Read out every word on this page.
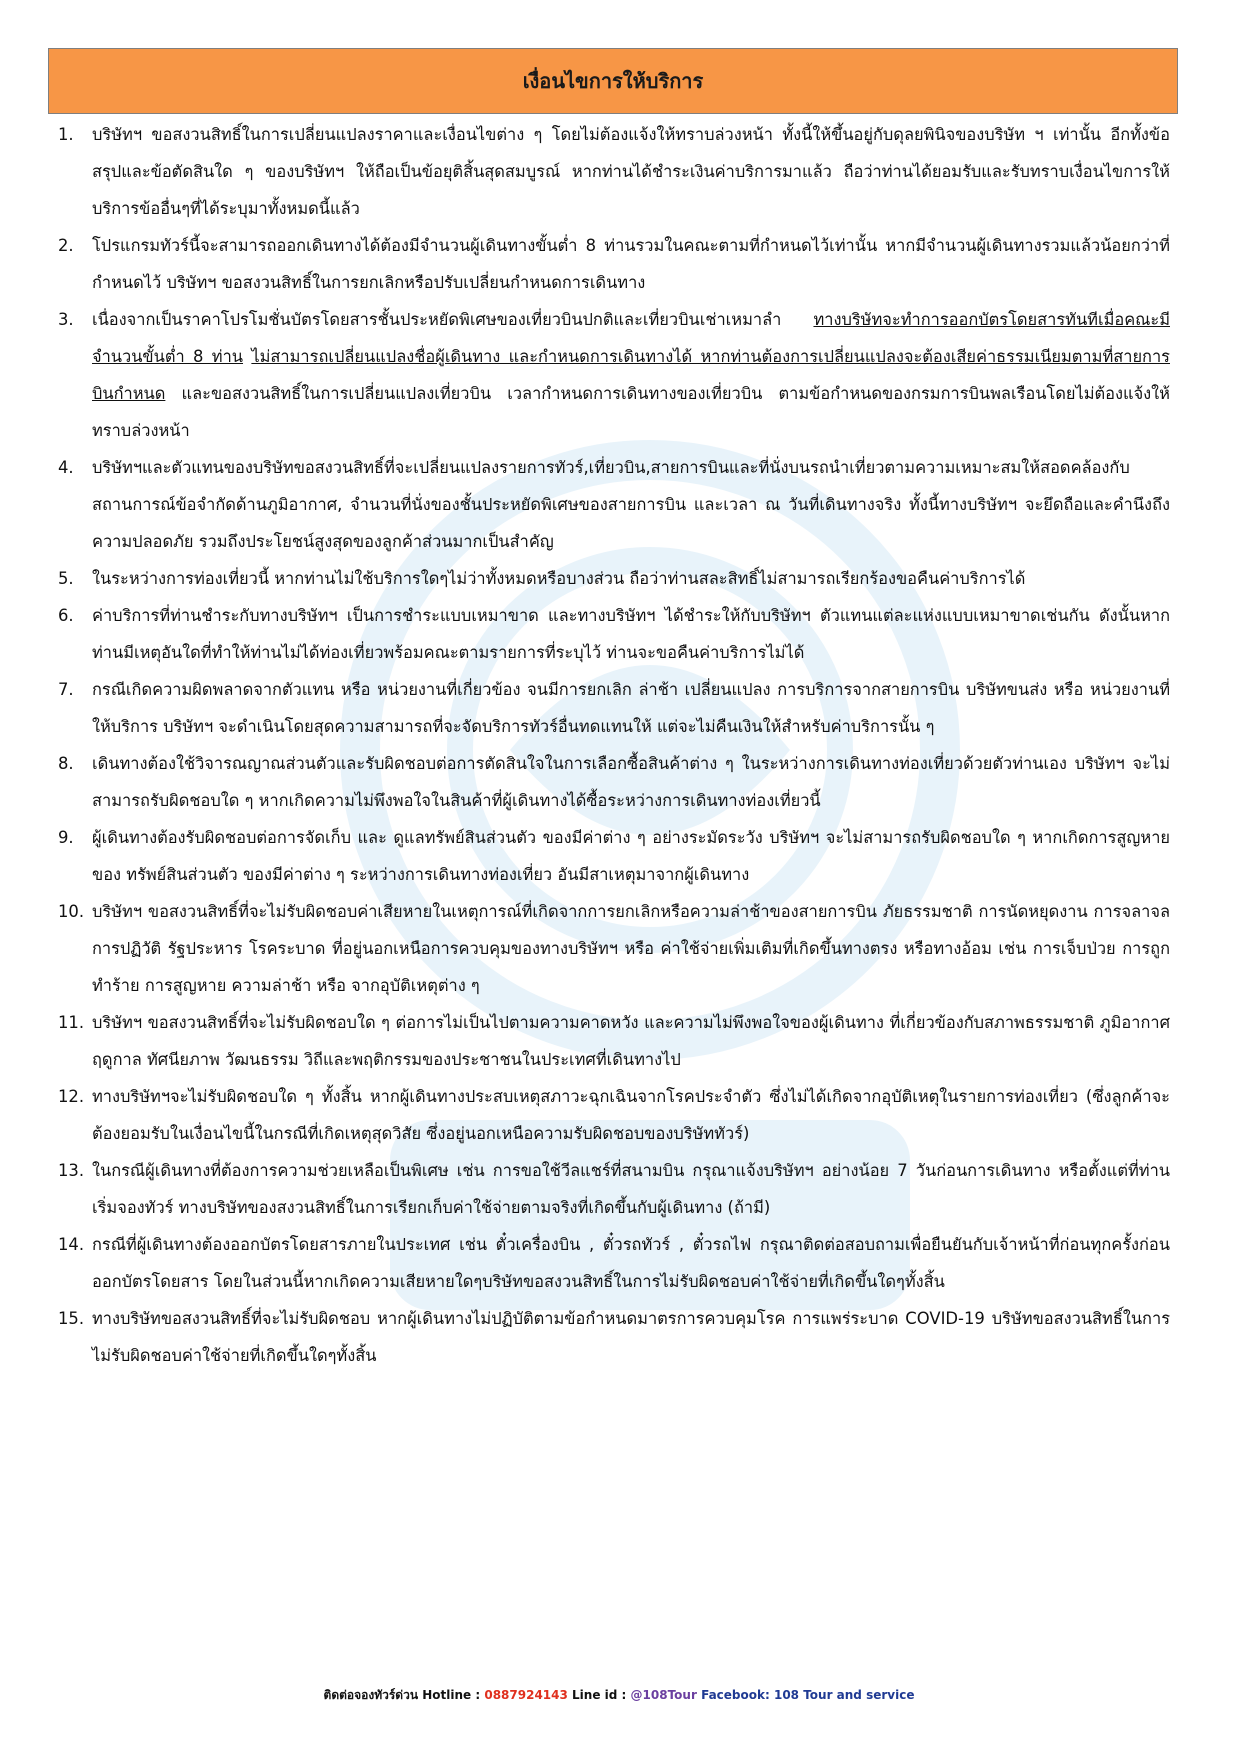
เงื่อนไขการให้บริการ
1.	บริษัทฯ ขอสงวนสิทธิ์ในการเปลี่ยนแปลงราคาและเงื่อนไขต่าง ๆ โดยไม่ต้องแจ้งให้ทราบล่วงหน้า ทั้งนี้ให้ขึ้นอยู่กับดุลยพินิจของบริษัท ฯ เท่านั้น อีกทั้งข้อสรุปและข้อตัดสินใด ๆ ของบริษัทฯ ให้ถือเป็นข้อยุติสิ้นสุดสมบูรณ์ หากท่านได้ชำระเงินค่าบริการมาแล้ว ถือว่าท่านได้ยอมรับและรับทราบเงื่อนไขการให้บริการข้ออื่นๆที่ได้ระบุมาทั้งหมดนี้แล้ว
2.	โปรแกรมทัวร์นี้จะสามารถออกเดินทางได้ต้องมีจำนวนผู้เดินทางขั้นต่ำ 8 ท่านรวมในคณะตามที่กำหนดไว้เท่านั้น หากมีจำนวนผู้เดินทางรวมแล้วน้อยกว่าที่กำหนดไว้ บริษัทฯ ขอสงวนสิทธิ์ในการยกเลิกหรือปรับเปลี่ยนกำหนดการเดินทาง
3.	เนื่องจากเป็นราคาโปรโมชั่นบัตรโดยสารชั้นประหยัดพิเศษของเที่ยวบินปกติและเที่ยวบินเช่าเหมาลำ ทางบริษัทจะทำการออกบัตรโดยสารทันทีเมื่อคณะมีจำนวนขั้นต่ำ 8 ท่าน ไม่สามารถเปลี่ยนแปลงชื่อผู้เดินทาง และกำหนดการเดินทางได้ หากท่านต้องการเปลี่ยนแปลงจะต้องเสียค่าธรรมเนียมตามที่สายการบินกำหนด และขอสงวนสิทธิ์ในการเปลี่ยนแปลงเที่ยวบิน เวลากำหนดการเดินทางของเที่ยวบิน ตามข้อกำหนดของกรมการบินพลเรือนโดยไม่ต้องแจ้งให้ทราบล่วงหน้า
4.	บริษัทฯและตัวแทนของบริษัทขอสงวนสิทธิ์ที่จะเปลี่ยนแปลงรายการทัวร์,เที่ยวบิน,สายการบินและที่นั่งบนรถนำเที่ยวตามความเหมาะสมให้สอดคล้องกับสถานการณ์ข้อจำกัดด้านภูมิอากาศ, จำนวนที่นั่งของชั้นประหยัดพิเศษของสายการบิน และเวลา ณ วันที่เดินทางจริง ทั้งนี้ทางบริษัทฯ จะยึดถือและคำนึงถึงความปลอดภัย รวมถึงประโยชน์สูงสุดของลูกค้าส่วนมากเป็นสำคัญ
5.	ในระหว่างการท่องเที่ยวนี้ หากท่านไม่ใช้บริการใดๆไม่ว่าทั้งหมดหรือบางส่วน ถือว่าท่านสละสิทธิ์ไม่สามารถเรียกร้องขอคืนค่าบริการได้
6.	ค่าบริการที่ท่านชำระกับทางบริษัทฯ เป็นการชำระแบบเหมาขาด และทางบริษัทฯ ได้ชำระให้กับบริษัทฯ ตัวแทนแต่ละแห่งแบบเหมาขาดเช่นกัน ดังนั้นหากท่านมีเหตุอันใดที่ทำให้ท่านไม่ได้ท่องเที่ยวพร้อมคณะตามรายการที่ระบุไว้ ท่านจะขอคืนค่าบริการไม่ได้
7.	กรณีเกิดความผิดพลาดจากตัวแทน หรือ หน่วยงานที่เกี่ยวข้อง จนมีการยกเลิก ล่าช้า เปลี่ยนแปลง การบริการจากสายการบิน บริษัทขนส่ง หรือ หน่วยงานที่ให้บริการ บริษัทฯ จะดำเนินโดยสุดความสามารถที่จะจัดบริการทัวร์อื่นทดแทนให้ แต่จะไม่คืนเงินให้สำหรับค่าบริการนั้น ๆ
8.	เดินทางต้องใช้วิจารณญาณส่วนตัวและรับผิดชอบต่อการตัดสินใจในการเลือกซื้อสินค้าต่าง ๆ ในระหว่างการเดินทางท่องเที่ยวด้วยตัวท่านเอง บริษัทฯ จะไม่สามารถรับผิดชอบใด ๆ หากเกิดความไม่พึงพอใจในสินค้าที่ผู้เดินทางได้ซื้อระหว่างการเดินทางท่องเที่ยวนี้
9.	ผู้เดินทางต้องรับผิดชอบต่อการจัดเก็บ และ ดูแลทรัพย์สินส่วนตัว ของมีค่าต่าง ๆ อย่างระมัดระวัง บริษัทฯ จะไม่สามารถรับผิดชอบใด ๆ หากเกิดการสูญหายของ ทรัพย์สินส่วนตัว ของมีค่าต่าง ๆ ระหว่างการเดินทางท่องเที่ยว อันมีสาเหตุมาจากผู้เดินทาง
10. บริษัทฯ ขอสงวนสิทธิ์ที่จะไม่รับผิดชอบค่าเสียหายในเหตุการณ์ที่เกิดจากการยกเลิกหรือความล่าช้าของสายการบิน ภัยธรรมชาติ การนัดหยุดงาน การจลาจล การปฏิวัติ รัฐประหาร โรคระบาด ที่อยู่นอกเหนือการควบคุมของทางบริษัทฯ หรือ ค่าใช้จ่ายเพิ่มเติมที่เกิดขึ้นทางตรง หรือทางอ้อม เช่น การเจ็บป่วย การถูกทำร้าย การสูญหาย ความล่าช้า หรือ จากอุบัติเหตุต่าง ๆ
11. บริษัทฯ ขอสงวนสิทธิ์ที่จะไม่รับผิดชอบใด ๆ ต่อการไม่เป็นไปตามความคาดหวัง และความไม่พึงพอใจของผู้เดินทาง ที่เกี่ยวข้องกับสภาพธรรมชาติ ภูมิอากาศ ฤดูกาล ทัศนียภาพ วัฒนธรรม วิถีและพฤติกรรมของประชาชนในประเทศที่เดินทางไป
12. ทางบริษัทฯจะไม่รับผิดชอบใด ๆ ทั้งสิ้น หากผู้เดินทางประสบเหตุสภาวะฉุกเฉินจากโรคประจำตัว ซึ่งไม่ได้เกิดจากอุบัติเหตุในรายการท่องเที่ยว (ซึ่งลูกค้าจะต้องยอมรับในเงื่อนไขนี้ในกรณีที่เกิดเหตุสุดวิสัย ซึ่งอยู่นอกเหนือความรับผิดชอบของบริษัททัวร์)
13. ในกรณีผู้เดินทางที่ต้องการความช่วยเหลือเป็นพิเศษ เช่น การขอใช้วีลแชร์ที่สนามบิน กรุณาแจ้งบริษัทฯ อย่างน้อย 7 วันก่อนการเดินทาง หรือตั้งแต่ที่ท่านเริ่มจองทัวร์ ทางบริษัทของสงวนสิทธิ์ในการเรียกเก็บค่าใช้จ่ายตามจริงที่เกิดขึ้นกับผู้เดินทาง (ถ้ามี)
14. กรณีที่ผู้เดินทางต้องออกบัตรโดยสารภายในประเทศ เช่น ตั๋วเครื่องบิน , ตั๋วรถทัวร์ , ตั๋วรถไฟ กรุณาติดต่อสอบถามเพื่อยืนยันกับเจ้าหน้าที่ก่อนทุกครั้งก่อนออกบัตรโดยสาร โดยในส่วนนี้หากเกิดความเสียหายใดๆบริษัทขอสงวนสิทธิ์ในการไม่รับผิดชอบค่าใช้จ่ายที่เกิดขึ้นใดๆทั้งสิ้น
15. ทางบริษัทขอสงวนสิทธิ์ที่จะไม่รับผิดชอบ หากผู้เดินทางไม่ปฏิบัติตามข้อกำหนดมาตรการควบคุมโรค การแพร่ระบาด COVID-19 บริษัทขอสงวนสิทธิ์ในการไม่รับผิดชอบค่าใช้จ่ายที่เกิดขึ้นใดๆทั้งสิ้น
ติดต่อจองทัวร์ด่วน Hotline : 0887924143 Line id : @108Tour Facebook: 108 Tour and service
